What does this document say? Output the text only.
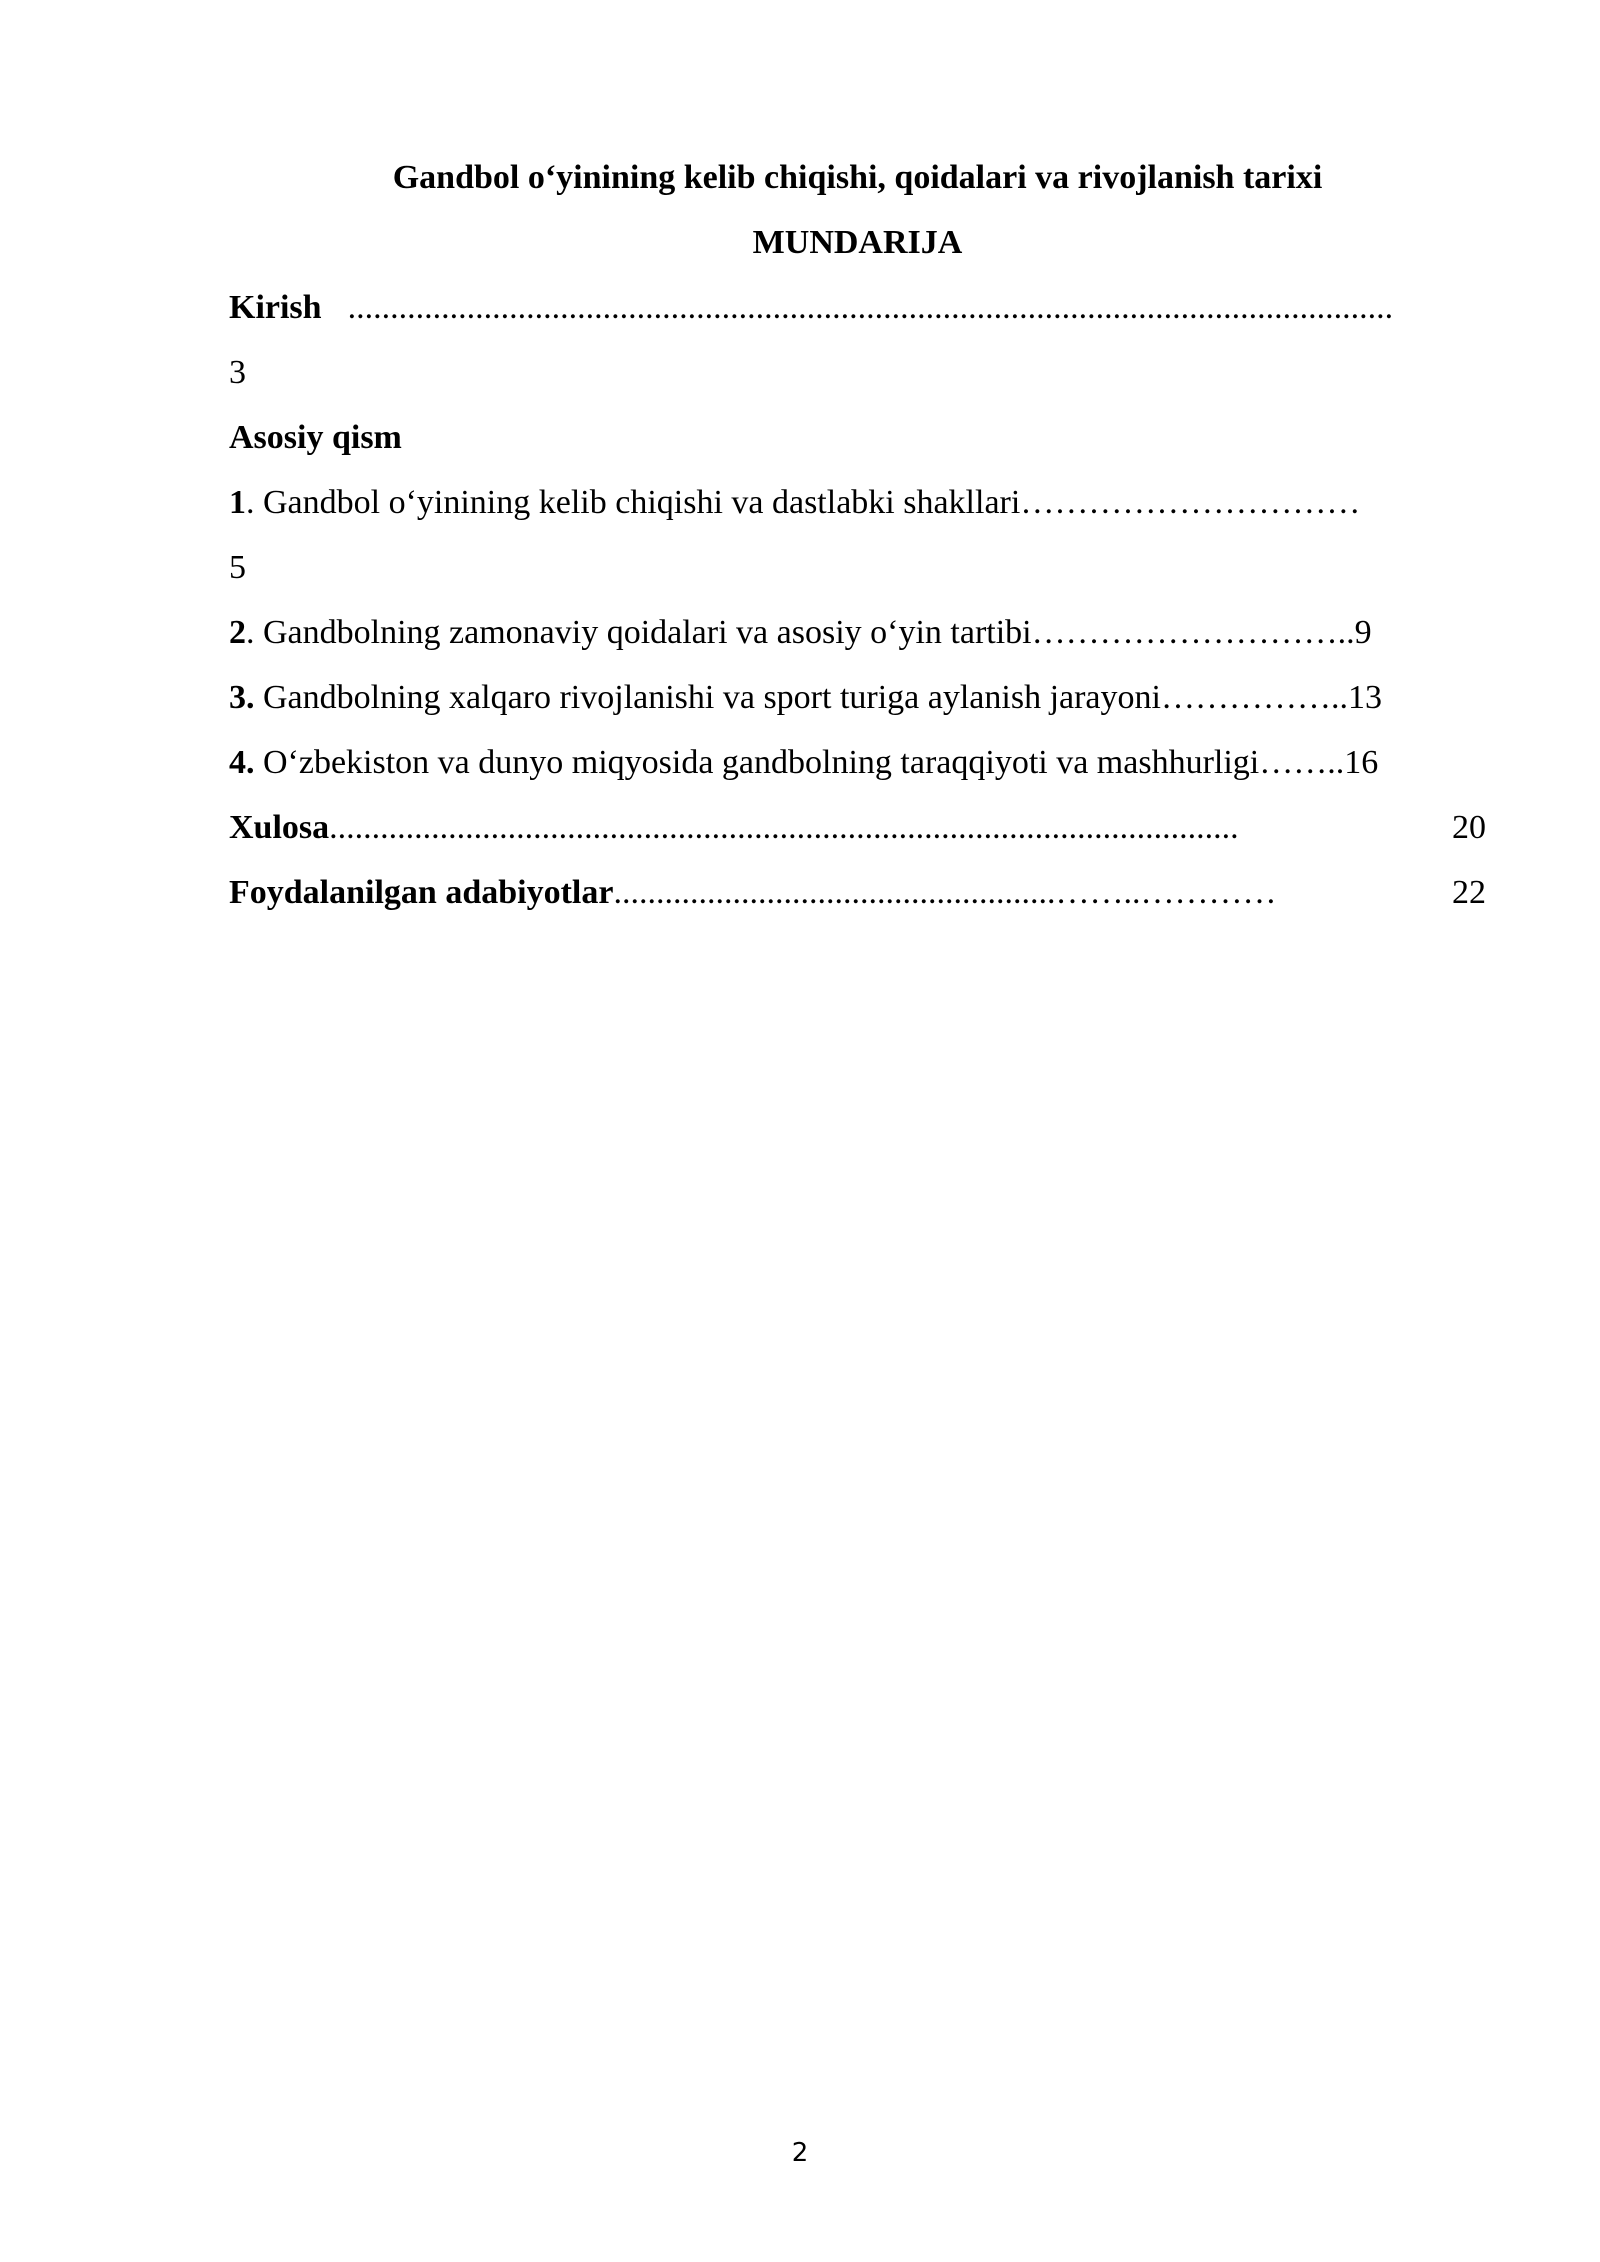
Gandbol o‘yinining kelib chiqishi, qoidalari va rivojlanish tarixi

MUNDARIJA

Kirish ...........................................................................................................................
3
Asosiy qism

1. Gandbol o‘yinining kelib chiqishi va dastlabki shakllari…………………………

5

2. Gandbolning zamonaviy qoidalari va asosiy o‘yin tartibi………………………..9

3. Gandbolning xalqaro rivojlanishi va sport turiga aylanish jarayoni……………..13

4. O‘zbekiston va dunyo miqyosida gandbolning taraqqiyoti va mashhurligi……..16

Xulosa ...........................................................................................................	20
Foydalanilgan adabiyotlar ....................................................……..…………	22
2
